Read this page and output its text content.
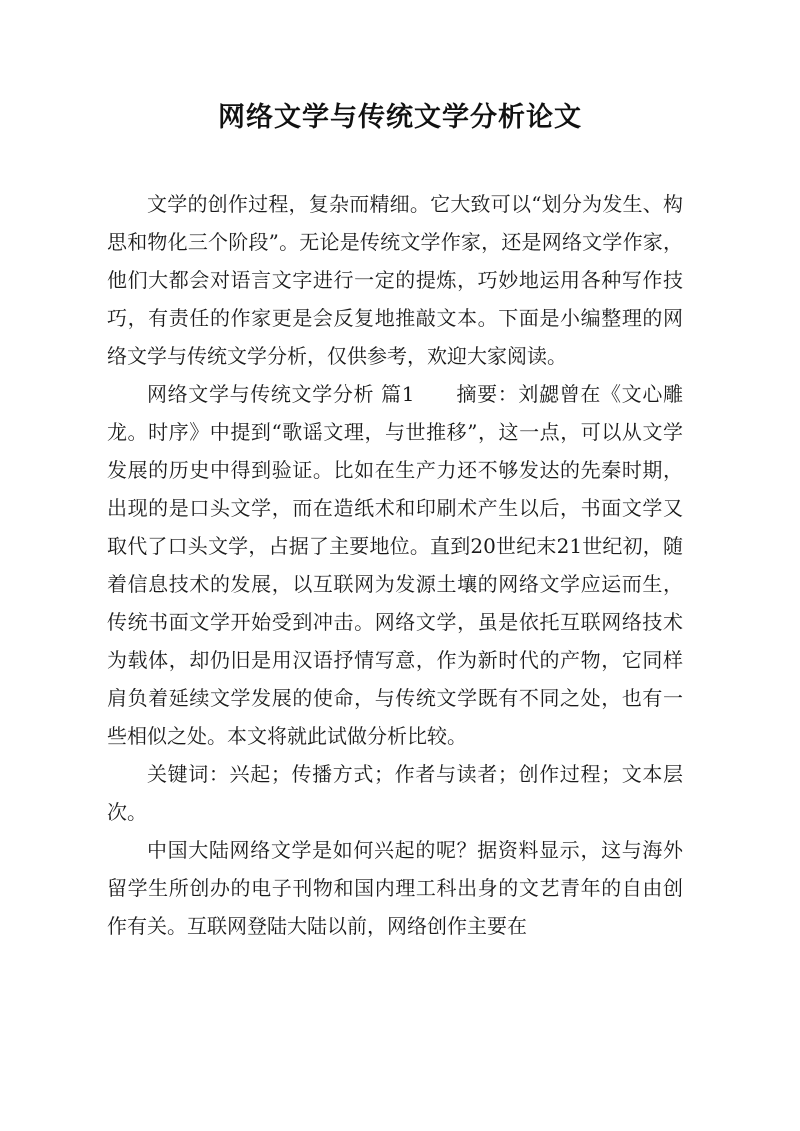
网络文学与传统文学分析论文

文学的创作过程，复杂而精细。它大致可以“划分为发生、构思和物化三个阶段”。无论是传统文学作家，还是网络文学作家，他们大都会对语言文字进行一定的提炼，巧妙地运用各种写作技巧，有责任的作家更是会反复地推敲文本。下面是小编整理的网络文学与传统文学分析，仅供参考，欢迎大家阅读。

网络文学与传统文学分析 篇1　　摘要：刘勰曾在《文心雕龙。时序》中提到“歌谣文理，与世推移”，这一点，可以从文学发展的历史中得到验证。比如在生产力还不够发达的先秦时期，出现的是口头文学，而在造纸术和印刷术产生以后，书面文学又取代了口头文学，占据了主要地位。直到20世纪末21世纪初，随着信息技术的发展，以互联网为发源土壤的网络文学应运而生，传统书面文学开始受到冲击。网络文学，虽是依托互联网络技术为载体，却仍旧是用汉语抒情写意，作为新时代的产物，它同样肩负着延续文学发展的使命，与传统文学既有不同之处，也有一些相似之处。本文将就此试做分析比较。

关键词：兴起；传播方式；作者与读者；创作过程；文本层次。

中国大陆网络文学是如何兴起的呢？据资料显示，这与海外留学生所创办的电子刊物和国内理工科出身的文艺青年的自由创作有关。互联网登陆大陆以前，网络创作主要在
